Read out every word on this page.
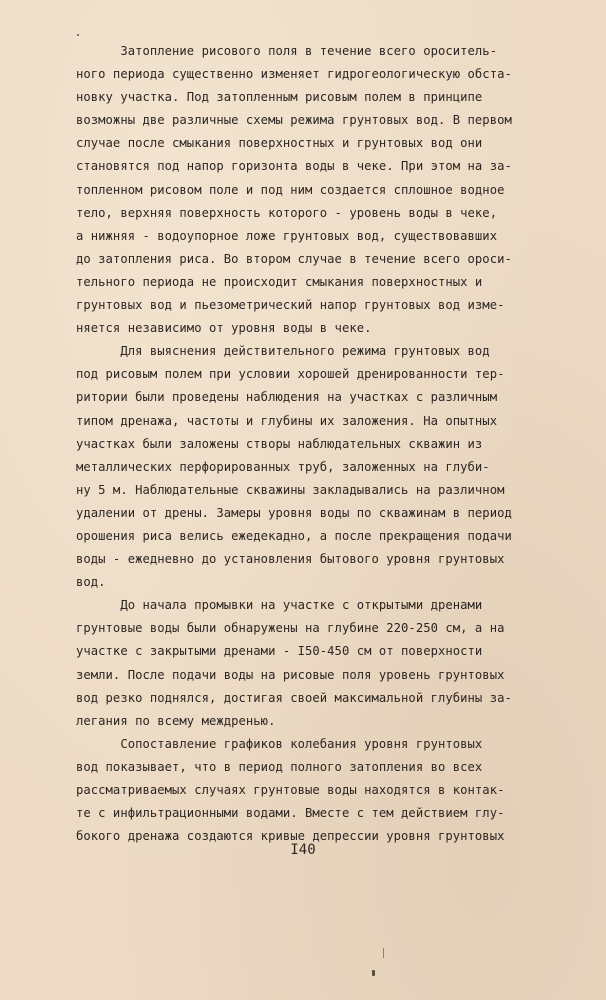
Затопление рисового поля в течение всего ороситель-
ного периода существенно изменяет гидрогеологическую обста-
новку участка. Под затопленным рисовым полем в принципе
возможны две различные схемы режима грунтовых вод. В первом
случае после смыкания поверхностных и грунтовых вод они
становятся под напор горизонта воды в чеке. При этом на за-
топленном рисовом поле и под ним создается сплошное водное
тело, верхняя поверхность которого - уровень воды в чеке,
а нижняя - водоупорное ложе грунтовых вод, существовавших
до затопления риса. Во втором случае в течение всего ороси-
тельного периода не происходит смыкания поверхностных и
грунтовых вод и пьезометрический напор грунтовых вод изме-
няется независимо от уровня воды в чеке.
Для выяснения действительного режима грунтовых вод
под рисовым полем при условии хорошей дренированности тер-
ритории были проведены наблюдения на участках с различным
типом дренажа, частоты и глубины их заложения. На опытных
участках были заложены створы наблюдательных скважин из
металлических перфорированных труб, заложенных на глуби-
ну 5 м. Наблюдательные скважины закладывались на различном
удалении от дрены. Замеры уровня воды по скважинам в период
орошения риса велись ежедекадно, а после прекращения подачи
воды - ежедневно до установления бытового уровня грунтовых
вод.
До начала промывки на участке с открытыми дренами
грунтовые воды были обнаружены на глубине 220-250 см, а на
участке с закрытыми дренами - I50-450 см от поверхности
земли. После подачи воды на рисовые поля уровень грунтовых
вод резко поднялся, достигая своей максимальной глубины за-
легания по всему междренью.
Сопоставление графиков колебания уровня грунтовых
вод показывает, что в период полного затопления во всех
рассматриваемых случаях грунтовые воды находятся в контак-
те с инфильтрационными водами. Вместе с тем действием глу-
бокого дренажа создаются кривые депрессии уровня грунтовых
I40
